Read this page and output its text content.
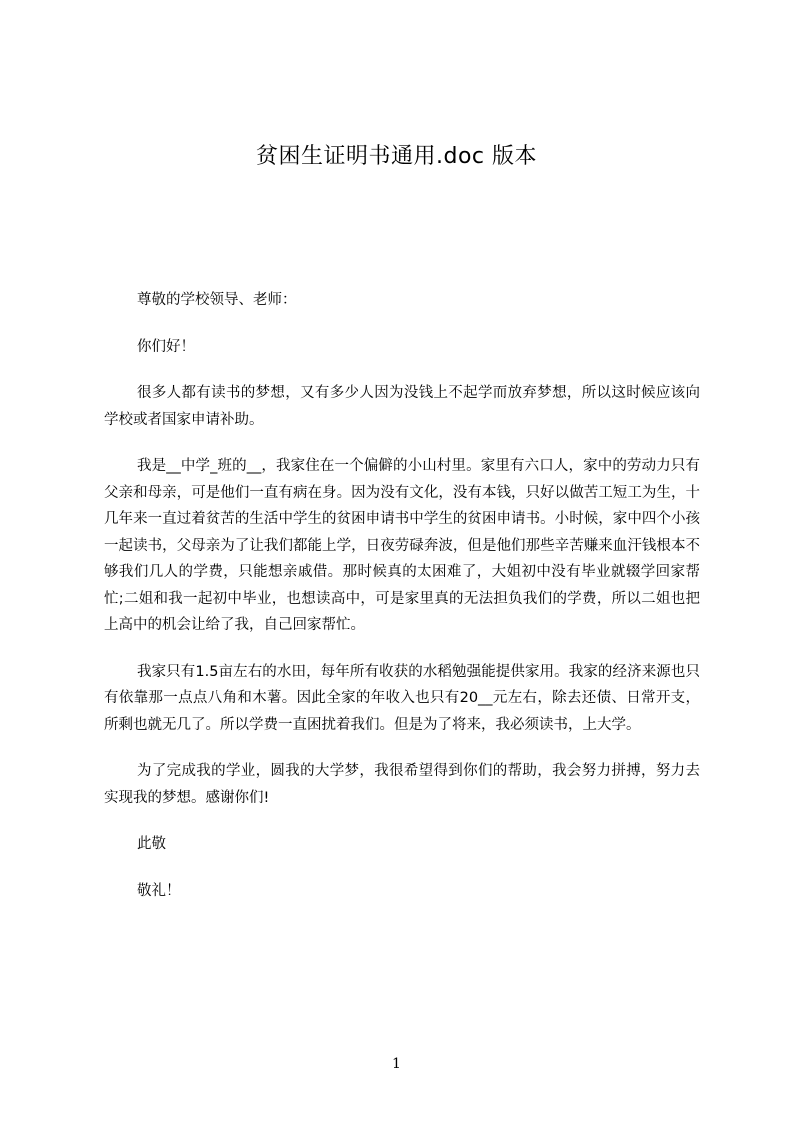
贫困生证明书通用.doc 版本

尊敬的学校领导、老师：

你们好！

很多人都有读书的梦想，又有多少人因为没钱上不起学而放弃梦想，所以这时候应该向学校或者国家申请补助。

我是__中学_班的__，我家住在一个偏僻的小山村里。家里有六口人，家中的劳动力只有父亲和母亲，可是他们一直有病在身。因为没有文化，没有本钱，只好以做苦工短工为生，十几年来一直过着贫苦的生活中学生的贫困申请书中学生的贫困申请书。小时候，家中四个小孩一起读书，父母亲为了让我们都能上学，日夜劳碌奔波，但是他们那些辛苦赚来血汗钱根本不够我们几人的学费，只能想亲戚借。那时候真的太困难了，大姐初中没有毕业就辍学回家帮忙;二姐和我一起初中毕业，也想读高中，可是家里真的无法担负我们的学费，所以二姐也把上高中的机会让给了我，自己回家帮忙。

我家只有1.5亩左右的水田，每年所有收获的水稻勉强能提供家用。我家的经济来源也只有依靠那一点点八角和木薯。因此全家的年收入也只有20__元左右，除去还债、日常开支，所剩也就无几了。所以学费一直困扰着我们。但是为了将来，我必须读书，上大学。

为了完成我的学业，圆我的大学梦，我很希望得到你们的帮助，我会努力拼搏，努力去实现我的梦想。感谢你们!

此敬

敬礼！

1
